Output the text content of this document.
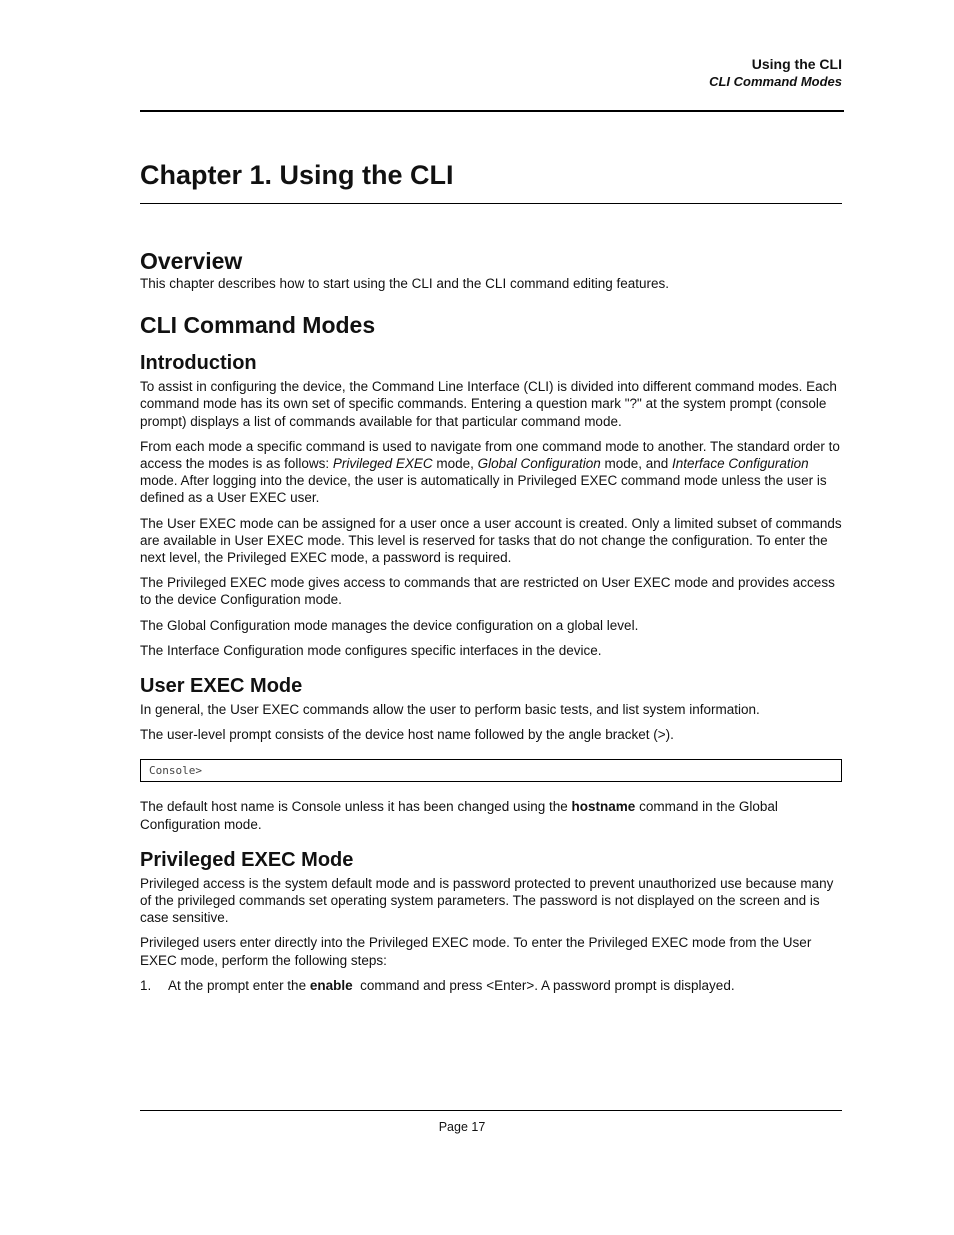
Using the CLI
CLI Command Modes
Chapter 1. Using the CLI
Overview

This chapter describes how to start using the CLI and the CLI command editing features.

CLI Command Modes
Introduction

To assist in configuring the device, the Command Line Interface (CLI) is divided into different command modes. Each command mode has its own set of specific commands. Entering a question mark "?" at the system prompt (console prompt) displays a list of commands available for that particular command mode.

From each mode a specific command is used to navigate from one command mode to another. The standard order to access the modes is as follows: Privileged EXEC mode, Global Configuration mode, and Interface Configuration mode. After logging into the device, the user is automatically in Privileged EXEC command mode unless the user is defined as a User EXEC user.

The User EXEC mode can be assigned for a user once a user account is created. Only a limited subset of commands are available in User EXEC mode. This level is reserved for tasks that do not change the configuration. To enter the next level, the Privileged EXEC mode, a password is required.

The Privileged EXEC mode gives access to commands that are restricted on User EXEC mode and provides access to the device Configuration mode.

The Global Configuration mode manages the device configuration on a global level.

The Interface Configuration mode configures specific interfaces in the device.

User EXEC Mode

In general, the User EXEC commands allow the user to perform basic tests, and list system information.

The user-level prompt consists of the device host name followed by the angle bracket (>).

Console>

The default host name is Console unless it has been changed using the hostname command in the Global Configuration mode.

Privileged EXEC Mode

Privileged access is the system default mode and is password protected to prevent unauthorized use because many of the privileged commands set operating system parameters. The password is not displayed on the screen and is case sensitive.

Privileged users enter directly into the Privileged EXEC mode. To enter the Privileged EXEC mode from the User EXEC mode, perform the following steps:

1.	At the prompt enter the enable  command and press <Enter>. A password prompt is displayed.
Page 17
